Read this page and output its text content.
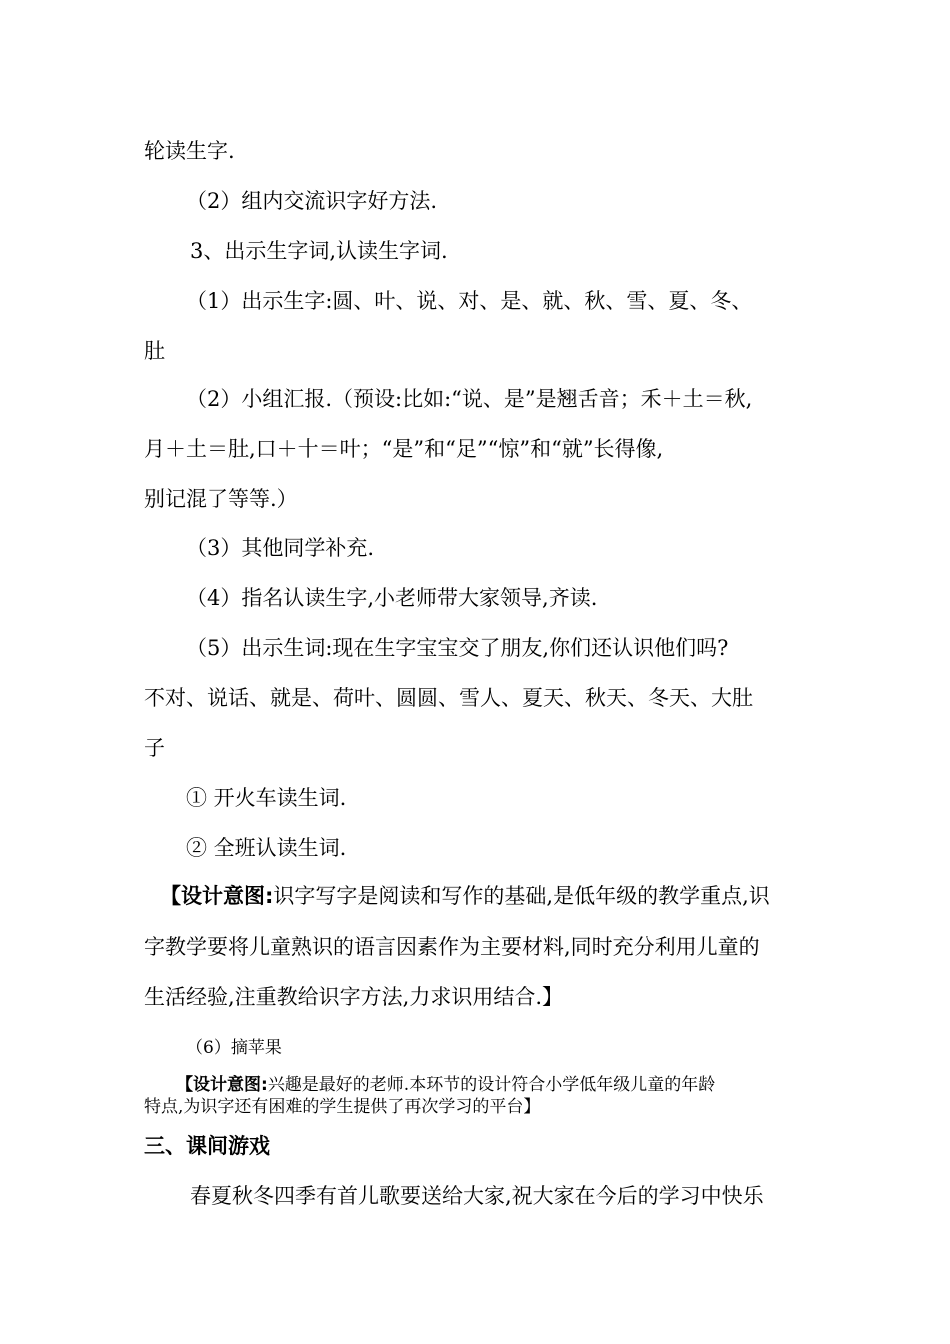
轮读生字.

（2）组内交流识字好方法.

3、出示生字词,认读生字词.

（1）出示生字:圆、叶、说、对、是、就、秋、雪、夏、冬、

肚

（2）小组汇报.（预设:比如:“说、是”是翘舌音；禾＋土＝秋,

月＋土＝肚,口＋十＝叶；“是”和“足”“惊”和“就”长得像,

别记混了等等.）

（3）其他同学补充.

（4）指名认读生字,小老师带大家领导,齐读.

（5）出示生词:现在生字宝宝交了朋友,你们还认识他们吗?

不对、说话、就是、荷叶、圆圆、雪人、夏天、秋天、冬天、大肚

子

① 开火车读生词.

② 全班认读生词.

【设计意图:识字写字是阅读和写作的基础,是低年级的教学重点,识

字教学要将儿童熟识的语言因素作为主要材料,同时充分利用儿童的

生活经验,注重教给识字方法,力求识用结合.】

（6）摘苹果

【设计意图:兴趣是最好的老师.本环节的设计符合小学低年级儿童的年龄

特点,为识字还有困难的学生提供了再次学习的平台】

三、课间游戏

春夏秋冬四季有首儿歌要送给大家,祝大家在今后的学习中快乐
